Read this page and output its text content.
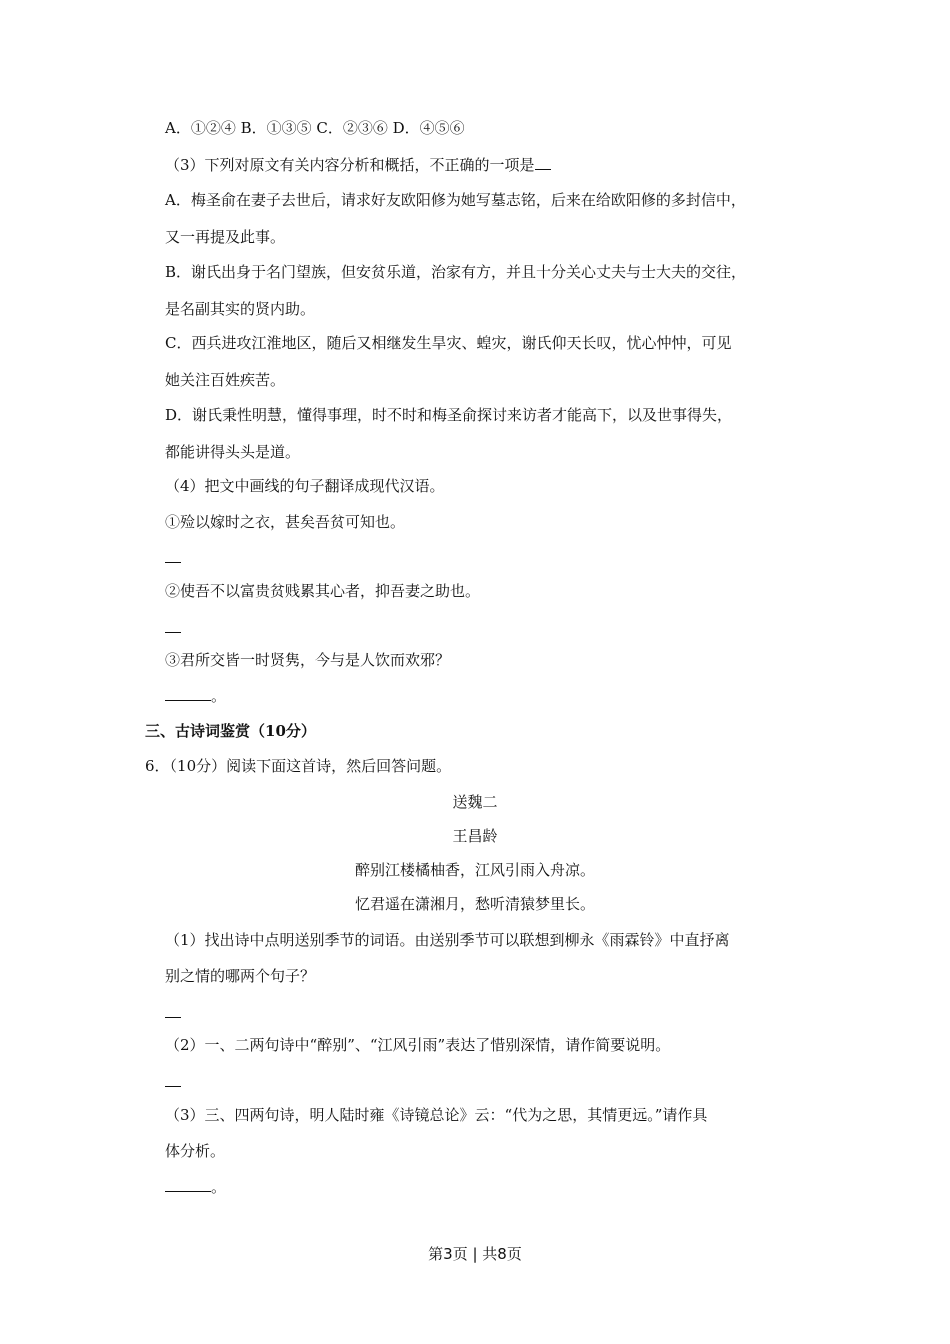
A．①②④ B．①③⑤ C．②③⑥ D．④⑤⑥
（3）下列对原文有关内容分析和概括，不正确的一项是
A．梅圣俞在妻子去世后，请求好友欧阳修为她写墓志铭，后来在给欧阳修的多封信中，
又一再提及此事。
B．谢氏出身于名门望族，但安贫乐道，治家有方，并且十分关心丈夫与士大夫的交往，
是名副其实的贤内助。
C．西兵进攻江淮地区，随后又相继发生旱灾、蝗灾，谢氏仰天长叹，忧心忡忡，可见
她关注百姓疾苦。
D．谢氏秉性明慧，懂得事理，时不时和梅圣俞探讨来访者才能高下，以及世事得失，
都能讲得头头是道。
（4）把文中画线的句子翻译成现代汉语。
①殓以嫁时之衣，甚矣吾贫可知也。
②使吾不以富贵贫贱累其心者，抑吾妻之助也。
③君所交皆一时贤隽，今与是人饮而欢邪？
。
三、古诗词鉴赏（10分）
6．（10分）阅读下面这首诗，然后回答问题。
送魏二
王昌龄
醉别江楼橘柚香，江风引雨入舟凉。
忆君遥在潇湘月，愁听清猿梦里长。
（1）找出诗中点明送别季节的词语。由送别季节可以联想到柳永《雨霖铃》中直抒离
别之情的哪两个句子？
（2）一、二两句诗中“醉别”、“江风引雨”表达了惜别深情，请作简要说明。
（3）三、四两句诗，明人陆时雍《诗镜总论》云：“代为之思，其情更远。”请作具
体分析。
。
第3页 | 共8页
